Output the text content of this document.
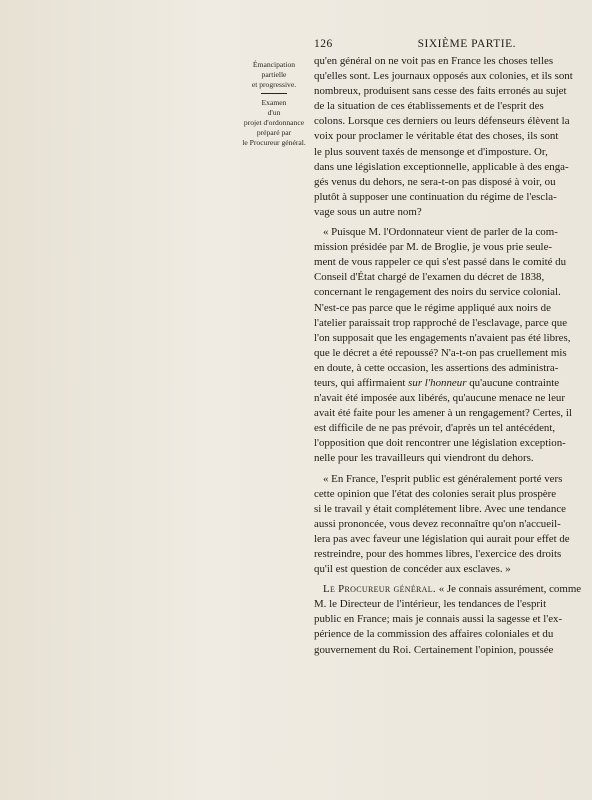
126	SIXIÈME PARTIE.

Émancipation

partielle

et progressive.

Examen

d'un

projet d'ordonnance

préparé par

le Procureur général.

qu'en général on ne voit pas en France les choses telles
qu'elles sont. Les journaux opposés aux colonies, et ils sont
nombreux, produisent sans cesse des faits erronés au sujet
de la situation de ces établissements et de l'esprit des
colons. Lorsque ces derniers ou leurs défenseurs élèvent la
voix pour proclamer le véritable état des choses, ils sont
le plus souvent taxés de mensonge et d'imposture. Or,
dans une législation exceptionnelle, applicable à des enga-
gés venus du dehors, ne sera-t-on pas disposé à voir, ou
plutôt à supposer une continuation du régime de l'escla-
vage sous un autre nom?
« Puisque M. l'Ordonnateur vient de parler de la com-
mission présidée par M. de Broglie, je vous prie seule-
ment de vous rappeler ce qui s'est passé dans le comité du
Conseil d'État chargé de l'examen du décret de 1838,
concernant le rengagement des noirs du service colonial.
N'est-ce pas parce que le régime appliqué aux noirs de
l'atelier paraissait trop rapproché de l'esclavage, parce que
l'on supposait que les engagements n'avaient pas été libres,
que le décret a été repoussé? N'a-t-on pas cruellement mis
en doute, à cette occasion, les assertions des administra-
teurs, qui affirmaient sur l'honneur qu'aucune contrainte
n'avait été imposée aux libérés, qu'aucune menace ne leur
avait été faite pour les amener à un rengagement? Certes, il
est difficile de ne pas prévoir, d'après un tel antécédent,
l'opposition que doit rencontrer une législation exception-
nelle pour les travailleurs qui viendront du dehors.
« En France, l'esprit public est généralement porté vers
cette opinion que l'état des colonies serait plus prospère
si le travail y était complétement libre. Avec une tendance
aussi prononcée, vous devez reconnaître qu'on n'accueil-
lera pas avec faveur une législation qui aurait pour effet de
restreindre, pour des hommes libres, l'exercice des droits
qu'il est question de concéder aux esclaves. »
Le Procureur général. « Je connais assurément, comme
M. le Directeur de l'intérieur, les tendances de l'esprit
public en France; mais je connais aussi la sagesse et l'ex-
périence de la commission des affaires coloniales et du
gouvernement du Roi. Certainement l'opinion, poussée
